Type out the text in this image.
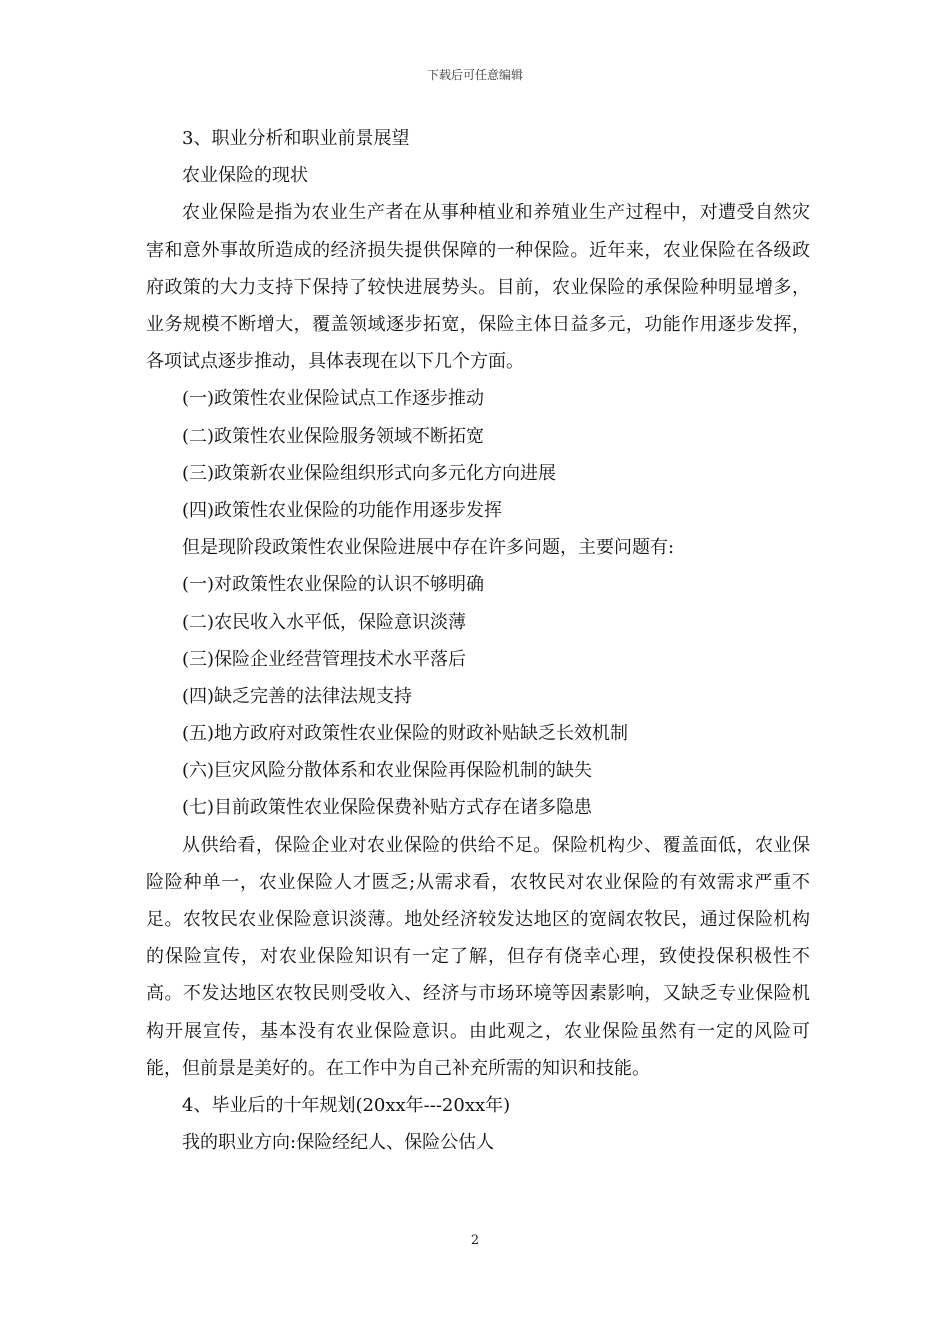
下载后可任意编辑
3、职业分析和职业前景展望
农业保险的现状

农业保险是指为农业生产者在从事种植业和养殖业生产过程中，对遭受自然灾害和意外事故所造成的经济损失提供保障的一种保险。近年来，农业保险在各级政府政策的大力支持下保持了较快进展势头。目前，农业保险的承保险种明显增多，业务规模不断增大，覆盖领域逐步拓宽，保险主体日益多元，功能作用逐步发挥，各项试点逐步推动，具体表现在以下几个方面。

(一)政策性农业保险试点工作逐步推动
(二)政策性农业保险服务领域不断拓宽
(三)政策新农业保险组织形式向多元化方向进展
(四)政策性农业保险的功能作用逐步发挥
但是现阶段政策性农业保险进展中存在许多问题，主要问题有:
(一)对政策性农业保险的认识不够明确
(二)农民收入水平低，保险意识淡薄
(三)保险企业经营管理技术水平落后
(四)缺乏完善的法律法规支持
(五)地方政府对政策性农业保险的财政补贴缺乏长效机制
(六)巨灾风险分散体系和农业保险再保险机制的缺失
(七)目前政策性农业保险保费补贴方式存在诸多隐患

从供给看，保险企业对农业保险的供给不足。保险机构少、覆盖面低，农业保险险种单一，农业保险人才匮乏;从需求看，农牧民对农业保险的有效需求严重不足。农牧民农业保险意识淡薄。地处经济较发达地区的宽阔农牧民，通过保险机构的保险宣传，对农业保险知识有一定了解，但存有侥幸心理，致使投保积极性不高。不发达地区农牧民则受收入、经济与市场环境等因素影响，又缺乏专业保险机构开展宣传，基本没有农业保险意识。由此观之，农业保险虽然有一定的风险可能，但前景是美好的。在工作中为自己补充所需的知识和技能。

4、毕业后的十年规划(20xx年---20xx年)
我的职业方向:保险经纪人、保险公估人
2
